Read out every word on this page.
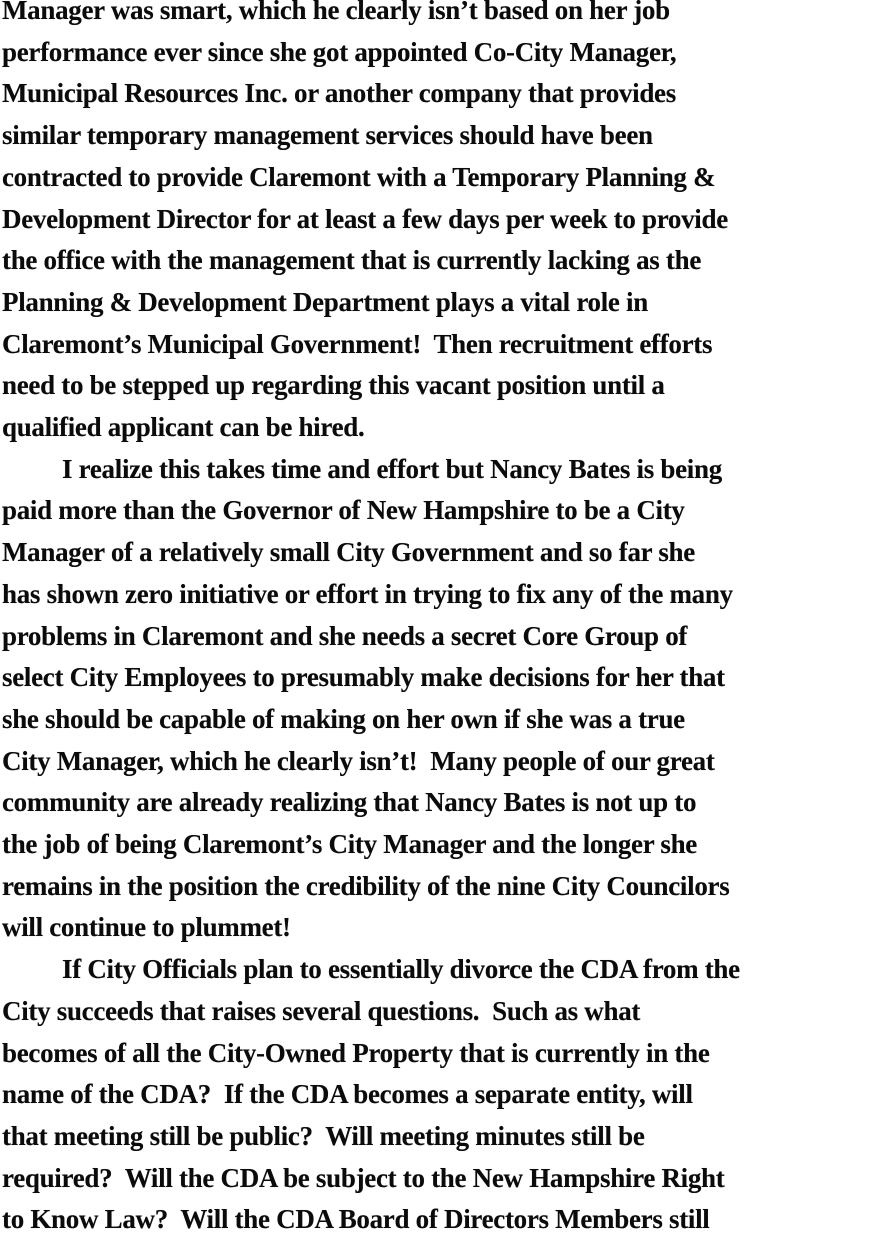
Manager was smart, which he clearly isn’t based on her job
performance ever since she got appointed Co-City Manager,
Municipal Resources Inc. or another company that provides
similar temporary management services should have been
contracted to provide Claremont with a Temporary Planning &
Development Director for at least a few days per week to provide
the office with the management that is currently lacking as the
Planning & Development Department plays a vital role in
Claremont’s Municipal Government!  Then recruitment efforts
need to be stepped up regarding this vacant position until a
qualified applicant can be hired.
I realize this takes time and effort but Nancy Bates is being
paid more than the Governor of New Hampshire to be a City
Manager of a relatively small City Government and so far she
has shown zero initiative or effort in trying to fix any of the many
problems in Claremont and she needs a secret Core Group of
select City Employees to presumably make decisions for her that
she should be capable of making on her own if she was a true
City Manager, which he clearly isn’t!  Many people of our great
community are already realizing that Nancy Bates is not up to
the job of being Claremont’s City Manager and the longer she
remains in the position the credibility of the nine City Councilors
will continue to plummet!
If City Officials plan to essentially divorce the CDA from the
City succeeds that raises several questions.  Such as what
becomes of all the City-Owned Property that is currently in the
name of the CDA?  If the CDA becomes a separate entity, will
that meeting still be public?  Will meeting minutes still be
required?  Will the CDA be subject to the New Hampshire Right
to Know Law?  Will the CDA Board of Directors Members still
